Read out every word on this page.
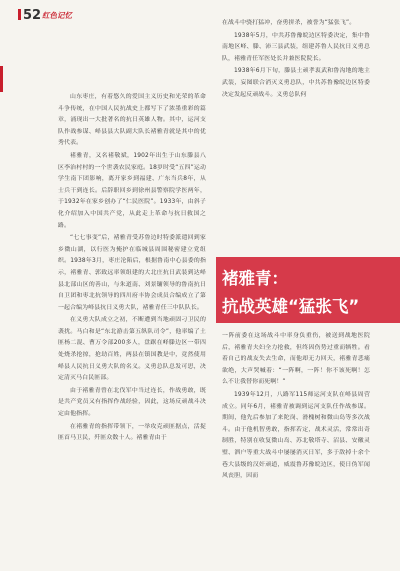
52 红色记忆

山东枣庄，有着悠久的爱国主义历史和光荣的革命斗争传统，在中国人民抗战史上都写下了浓墨重彩的篇章，涌现出一大批著名的抗日英雄人物。其中，运河支队作战参谋、峄县县大队副大队长褚雅青就是其中的优秀代表。

褚雅青，又名褚敬斌，1902年出生于山东滕县八区李治村村的一个世袭农民家庭。18岁时受“五四”运动学生南下团影响，离开家乡到福建、广东当兵8年，从士兵干到连长。后辞职回乡到徐州县警察院学医两年，于1932年在家乡创办了“仁民医院”。1933年，由斜子化介绍加入中国共产党，从此走上革命与抗日救国之路。

“七七事变”后，褚雅青受苏鲁边时特委派遣回到家乡微山湖，以行医为掩护在临城县周围秘密建立党组织。1938年3月，枣庄沦陷后，根据鲁南中心县委的指示，褚雅青、郭致远率领组建的大北庄抗日武装到达峄县北部山区的善山，与朱道南、刘景镛领导的鲁南抗日自卫团和枣北抗领导的四川府丰协会成员合编成立了第一起合编为峄县抗日义勇大队，褚雅青任三中队队长。

在义勇大队成立之初，不断遭到当地顽固刁卫民的袭扰。马白和是“东北游击第五纵队司令”，他率编了土匪杨二混、曹万令部200多人，盘踞在峄滕边区一带四处烧杀抢掠，抢劫百姓，两县在镇国教是中，竟然使用峄县人民抗日义勇大队的名义。义勇总队总发可思，决定清灭马白民匪部。

由于褚雅青曾在北伐军中当过连长，作战勇敢，既是共产党员又有指挥作战经验，因此，这场反顽战斗决定由他指挥。

在褚雅青的指挥带领下，一举攻克顽匪据点，活捉匪首马卫民，歼匪众数十人。褚雅青由于

在战斗中骁打猛冲，奋勇拼杀，被誉为“猛张飞”。

1938年5月，中共苏鲁豫皖边区特委决定，集中鲁南地区峄、滕、沛三县武装，组建苏鲁人民抗日义勇总队，褚雅青任军医处长并兼医院院长。

1938年6月下旬，滕县土顽孝衷武和鲁沟地的地主武装，妄图联合消灭义勇总队，中共苏鲁豫皖边区特委决定发起反顽战斗。义勇总队何

褚雅青：
抗战英雄“猛张飞”

一阵前委在这场战斗中率身负重伤，被送到战地医院后，褚雅青夫妇全力抢救，但终因伤势过重而牺牲。看着自己的战友失去生命，而他却无力回天，褚雅青悲痛欲绝，大声哭喊着：“一阵啊，一阵！你不该死啊！怎么不让我替你而死啊！”

1939年12月，八路军115师运河支队在峄县周营成立。同年6月，褚雅青被调到运河支队任作战参谋。期间，他先后参加了来陀岗、滑槐树和微山岛等多次战斗。由于他机智勇敢，指挥若定，战术灵活，常常出奇制胜，特别在收复微山岛、苏北敬塔寺、沼县、安徽灵璧、泗户等重大战斗中屡屡消灭日军，多于敌掉十余个巷大县级的汉奸顽道，威震鲁苏豫皖边区，使日伪军闻风丧胆，因而
